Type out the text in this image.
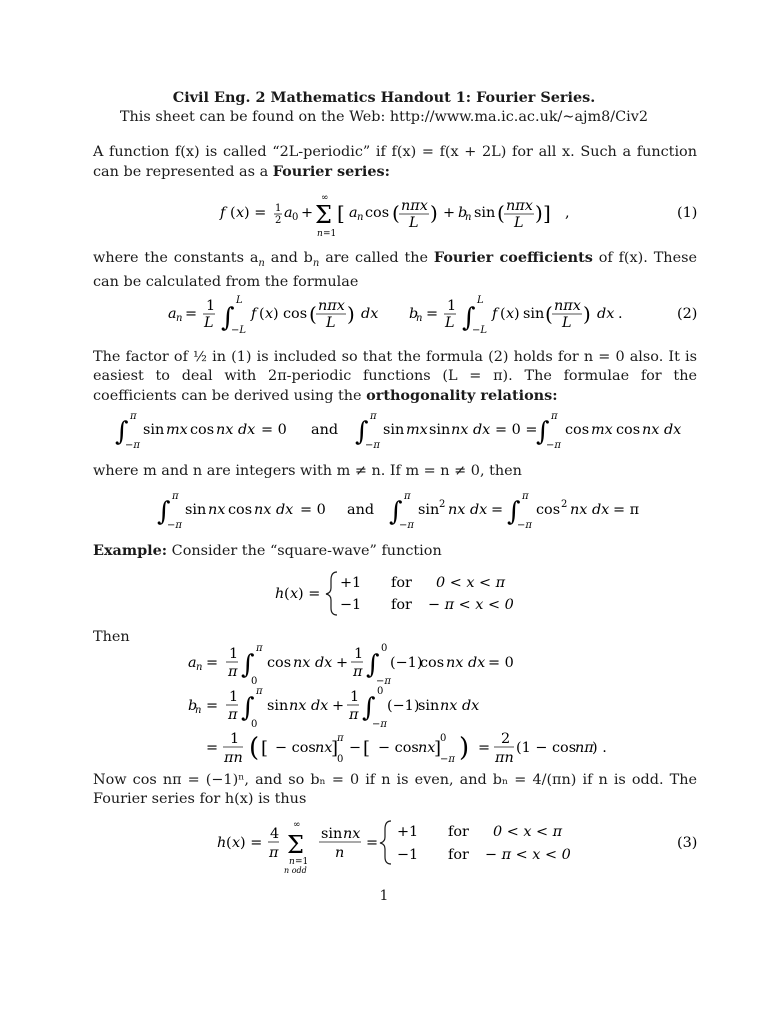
Civil Eng. 2 Mathematics Handout 1: Fourier Series.
This sheet can be found on the Web: http://www.ma.ic.ac.uk/∼ajm8/Civ2

A function f(x) is called “2L-periodic” if f(x) = f(x + 2L) for all x. Such a function can be represented as a Fourier series:

f ( x ) = 1
2 a 0 + Σ
∞
n =1
[ a n cos ( nπx
L ) + b
n sin ( nπx
L ) ] ,	(1)

where the constants $a_n$ and $b_n$ are called the Fourier coefficients of f(x). These can be calculated from the formulae

a n = 1
L ∫
L
−L
f ( x ) cos ( nπx
L ) dx b
n = 1
L ∫
L
−L
f ( x ) sin ( nπx
L ) dx .	(2)

The factor of ½ in (1) is included so that the formula (2) holds for n = 0 also. It is easiest to deal with 2π-periodic functions (L = π). The formulae for the coefficients can be derived using the orthogonality relations:

∫
π
−π
sin mx cos nx dx = 0	∫
π
−π
sin mx sin nx dx = 0 =
∫
π
−π
cos mx cos nx dx
and

where m and n are integers with m ≠ n. If m = n ≠ 0, then

∫
π
−π
sin nx cos nx dx = 0 ∫
π
−π
sin 2 nx dx = ∫
π
−π
cos 2 nx dx = π
and

Example: Consider the “square-wave” function

h ( x ) =
+1 for 0 < x < π
−1 for − π < x < 0

Then

a n =
1
π ∫
π
0
cos nx dx +
1
π ∫
0
−π
(−1)
cos nx dx = 0
b
n =
1
π ∫
π
0
sin nx dx +
1
π ∫
0
−π
(−1)
sin nx dx
=
1
πn ( [ − cos nx
]
π
0
− [ − cos nx
]
0
−π ) =
2
πn
(1 − cos
nπ
) .

Now cos nπ = (−1)ⁿ, and so bₙ = 0 if n is even, and bₙ = 4/(πn) if n is odd. The Fourier series for h(x) is thus

h ( x ) =
4
π Σ
∞
n =1
n odd
sin nx
n
=
+1 for 0 < x < π
−1 for − π < x < 0
(3)
1
